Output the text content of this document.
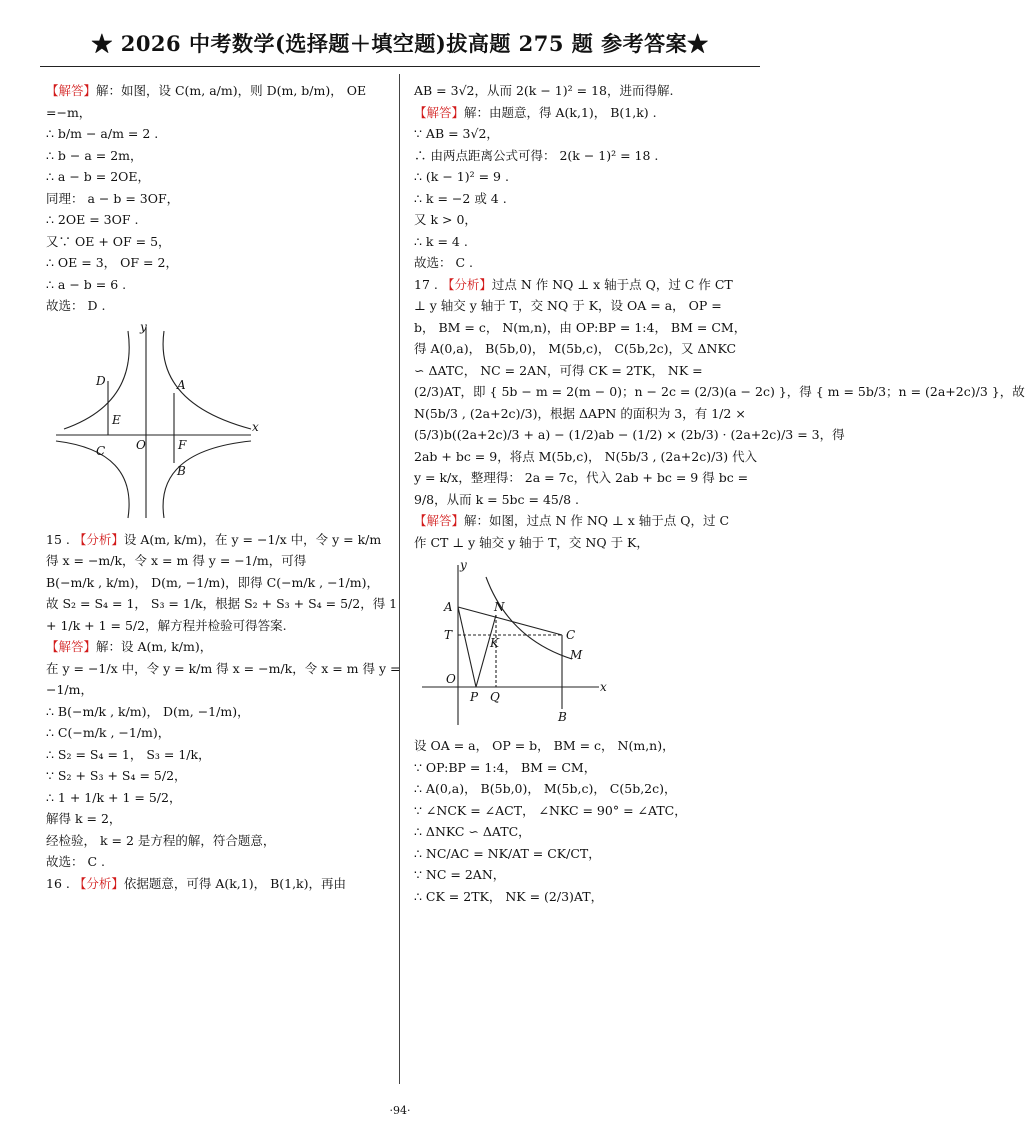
★ 2026 中考数学(选择题＋填空题)拔高题 275 题 参考答案★

【解答】解：如图，设 C(m, a/m)，则 D(m, b/m)， OE

=−m，

∴ b/m − a/m = 2 .

∴ b − a = 2m，

∴ a − b = 2OE，

同理： a − b = 3OF，

∴ 2OE = 3OF .

又∵ OE + OF = 5，

∴ OE = 3， OF = 2，

∴ a − b = 6 .

故选： D .

y
x
O
A
B
C
D
E
F

15 . 【分析】设 A(m, k/m)，在 y = −1/x 中，令 y = k/m

得 x = −m/k，令 x = m 得 y = −1/m，可得

B(−m/k , k/m)， D(m, −1/m)，即得 C(−m/k , −1/m)，

故 S₂ = S₄ = 1， S₃ = 1/k，根据 S₂ + S₃ + S₄ = 5/2，得 1

+ 1/k + 1 = 5/2，解方程并检验可得答案.

【解答】解：设 A(m, k/m)，

在 y = −1/x 中，令 y = k/m 得 x = −m/k，令 x = m 得 y =

−1/m，

∴ B(−m/k , k/m)， D(m, −1/m)，

∴ C(−m/k , −1/m)，

∴ S₂ = S₄ = 1， S₃ = 1/k，

∵ S₂ + S₃ + S₄ = 5/2，

∴ 1 + 1/k + 1 = 5/2，

解得 k = 2，

经检验， k = 2 是方程的解，符合题意，

故选： C .

16 . 【分析】依据题意，可得 A(k,1)， B(1,k)，再由

AB = 3√2，从而 2(k − 1)² = 18，进而得解.

【解答】解：由题意，得 A(k,1)， B(1,k) .

∵ AB = 3√2，

∴ 由两点距离公式可得： 2(k − 1)² = 18 .

∴ (k − 1)² = 9 .

∴ k = −2 或 4 .

又 k > 0，

∴ k = 4 .

故选： C .

17 . 【分析】过点 N 作 NQ ⊥ x 轴于点 Q，过 C 作 CT

⊥ y 轴交 y 轴于 T，交 NQ 于 K，设 OA = a， OP =

b， BM = c， N(m,n)，由 OP:BP = 1:4， BM = CM，

得 A(0,a)， B(5b,0)， M(5b,c)， C(5b,2c)，又 ΔNKC

∽ ΔATC， NC = 2AN，可得 CK = 2TK， NK =

(2/3)AT，即 { 5b − m = 2(m − 0)；n − 2c = (2/3)(a − 2c) }，得 { m = 5b/3；n = (2a+2c)/3 }，故

N(5b/3 , (2a+2c)/3)，根据 ΔAPN 的面积为 3，有 1/2 ×

(5/3)b((2a+2c)/3 + a) − (1/2)ab − (1/2) × (2b/3) · (2a+2c)/3 = 3，得

2ab + bc = 9，将点 M(5b,c)， N(5b/3 , (2a+2c)/3) 代入

y = k/x，整理得： 2a = 7c，代入 2ab + bc = 9 得 bc =

9/8，从而 k = 5bc = 45/8 .

【解答】解：如图，过点 N 作 NQ ⊥ x 轴于点 Q，过 C

作 CT ⊥ y 轴交 y 轴于 T，交 NQ 于 K，

y
x
O
A	N
T
K
C
M
P Q
B

设 OA = a， OP = b， BM = c， N(m,n)，

∵ OP:BP = 1:4， BM = CM，

∴ A(0,a)， B(5b,0)， M(5b,c)， C(5b,2c)，

∵ ∠NCK = ∠ACT， ∠NKC = 90° = ∠ATC，

∴ ΔNKC ∽ ΔATC，

∴ NC/AC = NK/AT = CK/CT，

∵ NC = 2AN，

∴ CK = 2TK， NK = (2/3)AT，

·94·
